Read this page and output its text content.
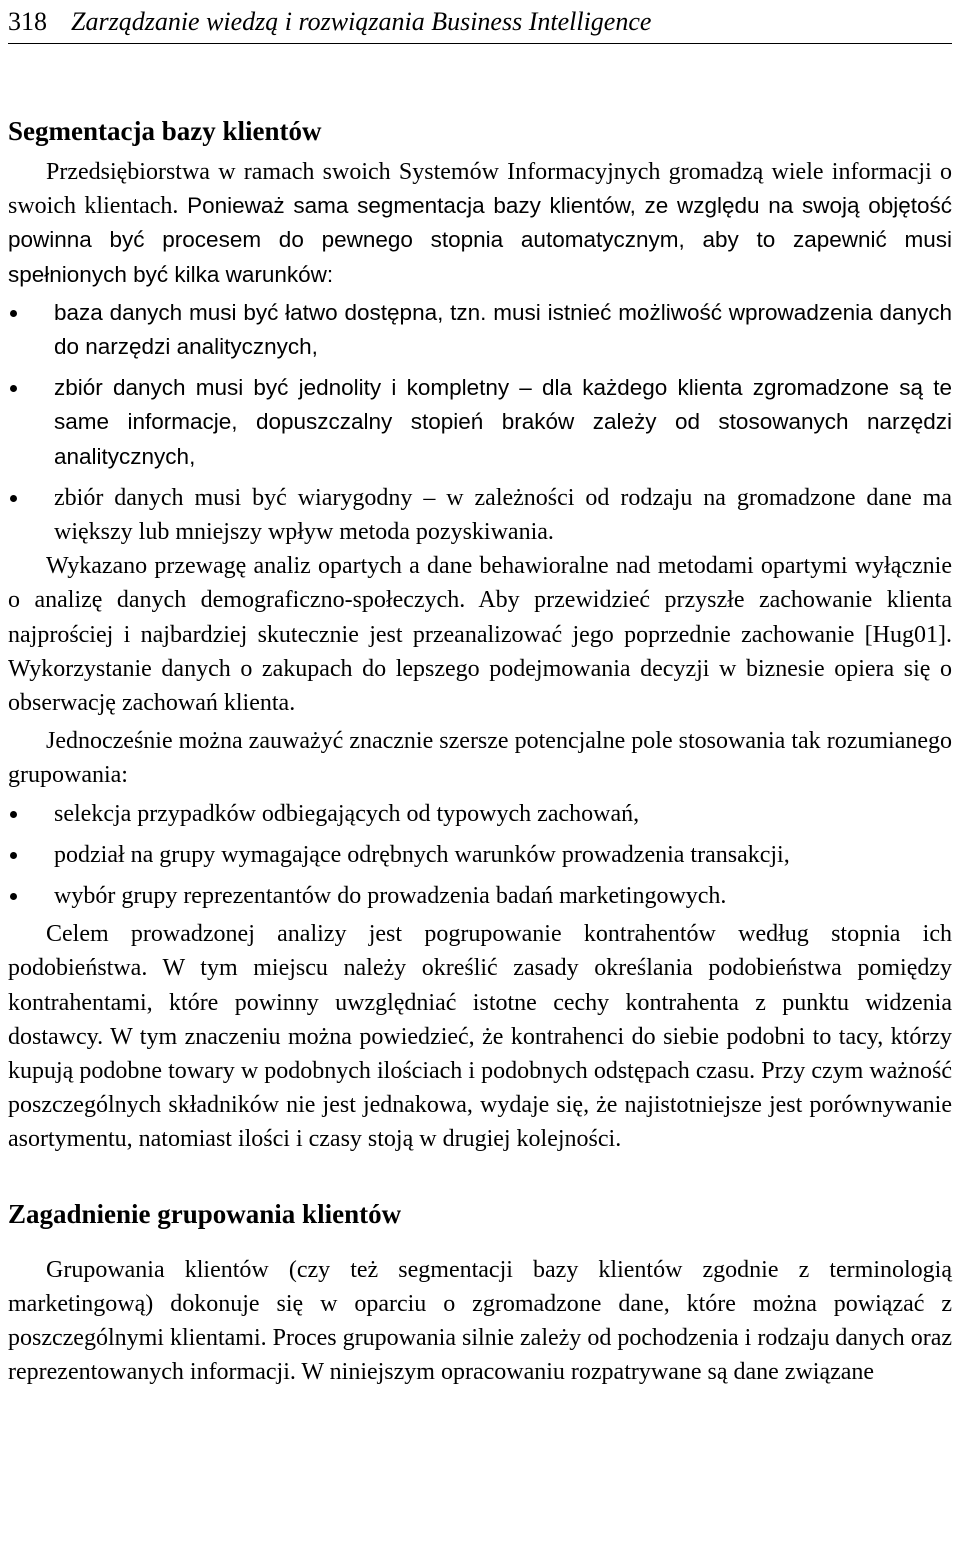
318 Zarządzanie wiedzą i rozwiązania Business Intelligence
Segmentacja bazy klientów

Przedsiębiorstwa w ramach swoich Systemów Informacyjnych gromadzą wiele informacji o swoich klientach. Ponieważ sama segmentacja bazy klientów, ze względu na swoją objętość powinna być procesem do pewnego stopnia automatycznym, aby to zapewnić musi spełnionych być kilka warunków:

baza danych musi być łatwo dostępna, tzn. musi istnieć możliwość wprowadzenia danych do narzędzi analitycznych,
zbiór danych musi być jednolity i kompletny – dla każdego klienta zgromadzone są te same informacje, dopuszczalny stopień braków zależy od stosowanych narzędzi analitycznych,
zbiór danych musi być wiarygodny – w zależności od rodzaju na gromadzone dane ma większy lub mniejszy wpływ metoda pozyskiwania.

Wykazano przewagę analiz opartych a dane behawioralne nad metodami opartymi wyłącznie o analizę danych demograficzno-społeczych. Aby przewidzieć przyszłe zachowanie klienta najprościej i najbardziej skutecznie jest przeanalizować jego poprzednie zachowanie [Hug01]. Wykorzystanie danych o zakupach do lepszego podejmowania decyzji w biznesie opiera się o obserwację zachowań klienta.

Jednocześnie można zauważyć znacznie szersze potencjalne pole stosowania tak rozumianego grupowania:

selekcja przypadków odbiegających od typowych zachowań,
podział na grupy wymagające odrębnych warunków prowadzenia transakcji,
wybór grupy reprezentantów do prowadzenia badań marketingowych.

Celem prowadzonej analizy jest pogrupowanie kontrahentów według stopnia ich podobieństwa. W tym miejscu należy określić zasady określania podobieństwa pomiędzy kontrahentami, które powinny uwzględniać istotne cechy kontrahenta z punktu widzenia dostawcy. W tym znaczeniu można powiedzieć, że kontrahenci do siebie podobni to tacy, którzy kupują podobne towary w podobnych ilościach i podobnych odstępach czasu. Przy czym ważność poszczególnych składników nie jest jednakowa, wydaje się, że najistotniejsze jest porównywanie asortymentu, natomiast ilości i czasy stoją w drugiej kolejności.

Zagadnienie grupowania klientów

Grupowania klientów (czy też segmentacji bazy klientów zgodnie z terminologią marketingową) dokonuje się w oparciu o zgromadzone dane, które można powiązać z poszczególnymi klientami. Proces grupowania silnie zależy od pochodzenia i rodzaju danych oraz reprezentowanych informacji. W niniejszym opracowaniu rozpatrywane są dane związane
